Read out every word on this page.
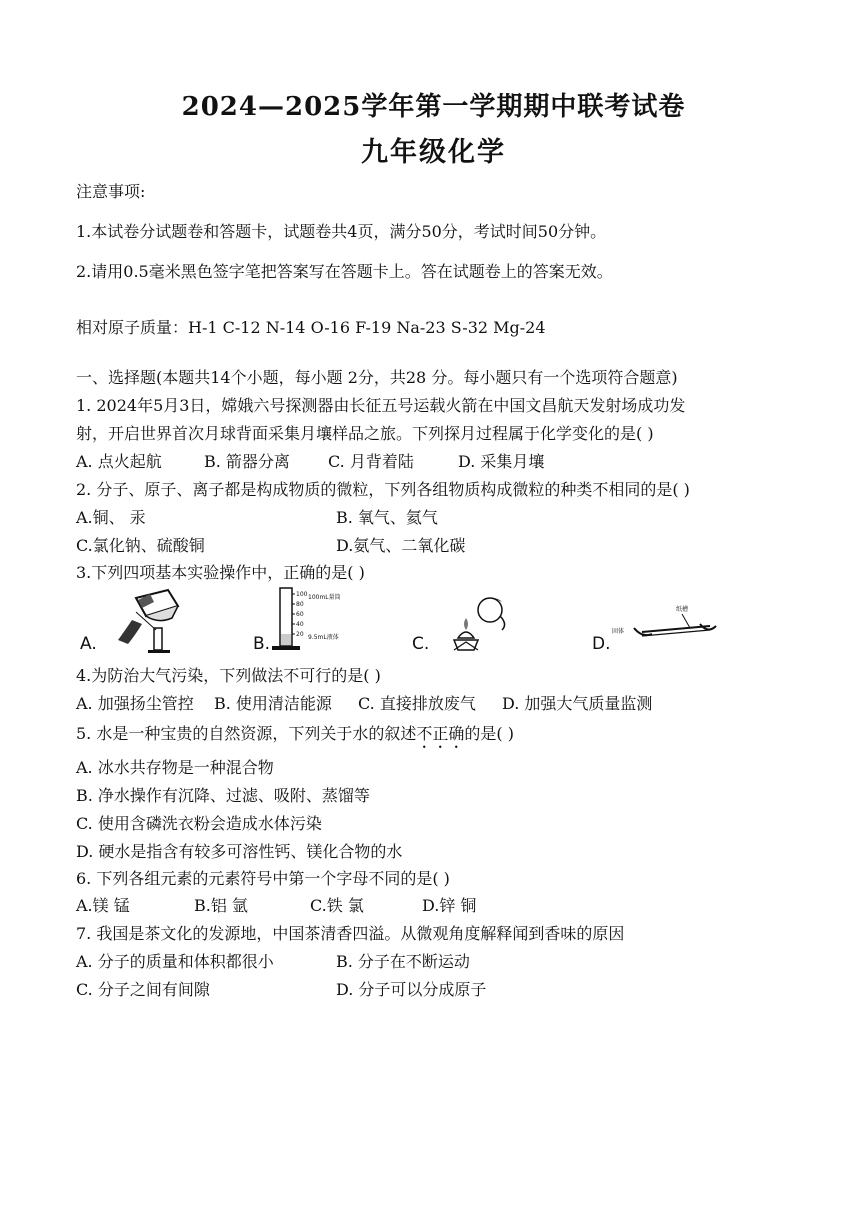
2024—2025学年第一学期期中联考试卷
九年级化学
注意事项:
1.本试卷分试题卷和答题卡，试题卷共4页，满分50分，考试时间50分钟。
2.请用0.5毫米黑色签字笔把答案写在答题卡上。答在试题卷上的答案无效。
相对原子质量：H-1 C-12 N-14 O-16 F-19 Na-23 S-32 Mg-24
一、选择题(本题共14个小题，每小题 2分，共28 分。每小题只有一个选项符合题意)
1. 2024年5月3日，嫦娥六号探测器由长征五号运载火箭在中国文昌航天发射场成功发
射，开启世界首次月球背面采集月壤样品之旅。下列探月过程属于化学变化的是( )
A. 点火起航	B. 箭器分离 C. 月背着陆	D. 采集月壤
2. 分子、原子、离子都是构成物质的微粒，下列各组物质构成微粒的种类不相同的是( )
A.铜、 汞	B. 氧气、氦气
C.氯化钠、硫酸铜	D.氨气、二氧化碳
3.下列四项基本实验操作中，正确的是( )
A.	B.
100mL量筒
9.5mL液体
100
80
60
40
20	C.	D.
纸槽
固体
4.为防治大气污染，下列做法不可行的是( )
A. 加强扬尘管控 B. 使用清洁能源 C. 直接排放废气 D. 加强大气质量监测
5. 水是一种宝贵的自然资源，下列关于水的叙述不正确的是( )
A. 冰水共存物是一种混合物
B. 净水操作有沉降、过滤、吸附、蒸馏等
C. 使用含磷洗衣粉会造成水体污染
D. 硬水是指含有较多可溶性钙、镁化合物的水
6. 下列各组元素的元素符号中第一个字母不同的是( )
A.镁 锰	B.铝 氩	C.铁 氯	D.锌 铜
7. 我国是茶文化的发源地，中国茶清香四溢。从微观角度解释闻到香味的原因
A. 分子的质量和体积都很小	B. 分子在不断运动
C. 分子之间有间隙	D. 分子可以分成原子
